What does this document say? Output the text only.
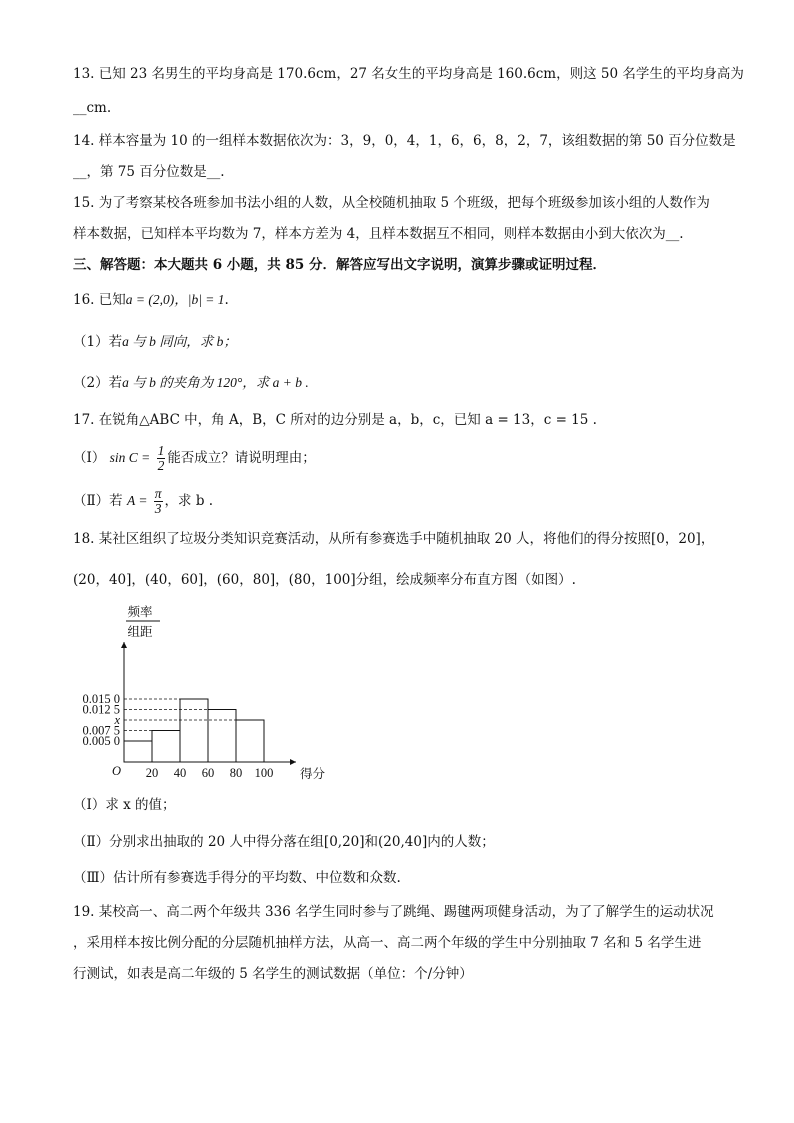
13. 已知 23 名男生的平均身高是 170.6cm，27 名女生的平均身高是 160.6cm，则这 50 名学生的平均身高为
__cm.
14. 样本容量为 10 的一组样本数据依次为：3，9，0，4，1，6，6，8，2，7，该组数据的第 50 百分位数是
__，第 75 百分位数是__.
15. 为了考察某校各班参加书法小组的人数，从全校随机抽取 5 个班级，把每个班级参加该小组的人数作为
样本数据，已知样本平均数为 7，样本方差为 4，且样本数据互不相同，则样本数据由小到大依次为__.
三、解答题：本大题共 6 小题，共 85 分．解答应写出文字说明，演算步骤或证明过程．
16. 已知a = (2,0)，|b| = 1.
（1）若a 与 b 同向，求 b；
（2）若a 与 b 的夹角为 120°，求 a + b .
17. 在锐角△ABC 中，角 A，B，C 所对的边分别是 a，b，c，已知 a = 13，c = 15 .
（Ⅰ） $\sin C = \frac{1}{2}$ 能否成立？请说明理由；
（Ⅱ）若 $A = \frac{\pi}{3}$ ，求 b .
18. 某社区组织了垃圾分类知识竞赛活动，从所有参赛选手中随机抽取 20 人，将他们的得分按照[0，20]，
(20，40]，(40，60]，(60，80]，(80，100]分组，绘成频率分布直方图（如图）.
频率
组距
O	得分
0.005 0
0.007 5
x
0.012 5
0.015 0
20 40 60 80 100
（Ⅰ）求 x 的值；
（Ⅱ）分别求出抽取的 20 人中得分落在组[0,20]和(20,40]内的人数；
（Ⅲ）估计所有参赛选手得分的平均数、中位数和众数.
19. 某校高一、高二两个年级共 336 名学生同时参与了跳绳、踢毽两项健身活动，为了了解学生的运动状况
，采用样本按比例分配的分层随机抽样方法，从高一、高二两个年级的学生中分别抽取 7 名和 5 名学生进
行测试，如表是高二年级的 5 名学生的测试数据（单位：个/分钟）
